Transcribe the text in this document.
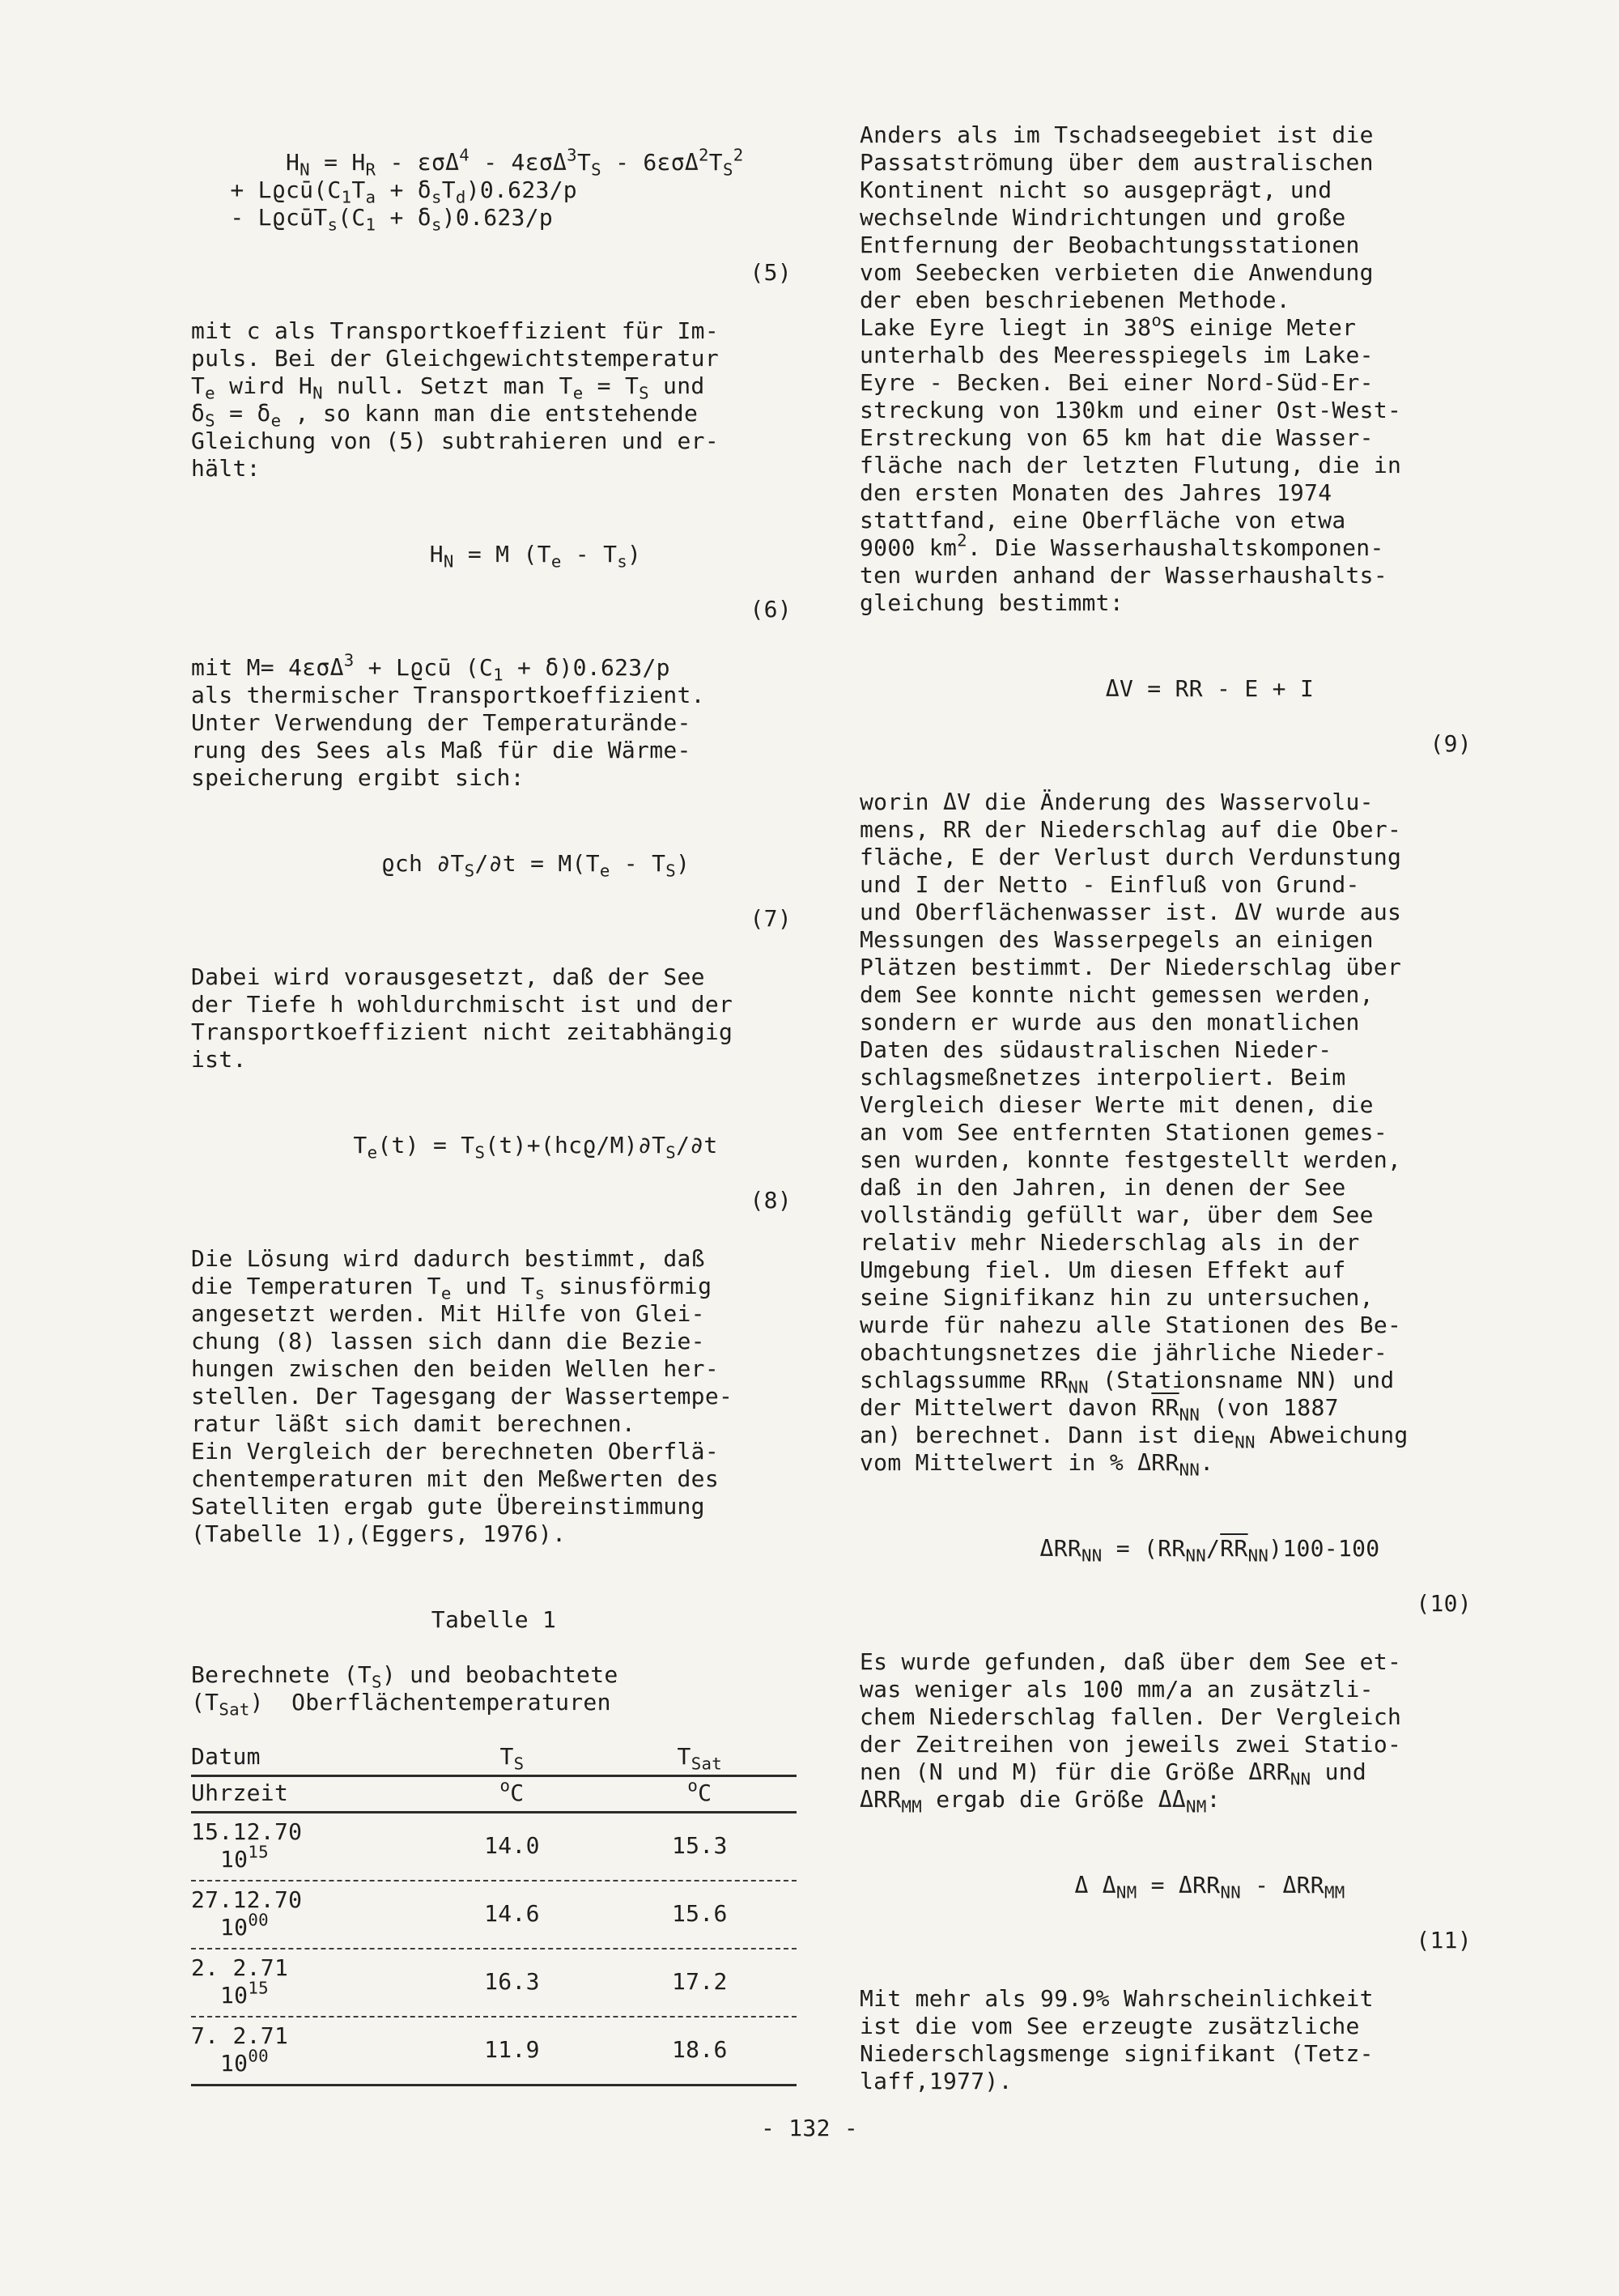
$H_N = H_R - \varepsilon\sigma\Delta^4 - 4\varepsilon\sigma\Delta^3T_S - 6\varepsilon\sigma\Delta^2T_S^2$
+ $Lϱcū(C_1T_a + \delta_sT_d)0.623/p$
- $LϱcūT_s(C_1 + \delta_s)0.623/p$

(5)

mit c als Transportkoeffizient für Im-
puls. Bei der Gleichgewichtstemperatur
$T_e$ wird $H_N$ null. Setzt man $T_e = T_S$ und
$\delta_S = \delta_e$ , so kann man die entstehende
Gleichung von (5) subtrahieren und er-
hält:

$H_N = M$ $(T_e - T_s)$

(6)

mit M= 4εσΔ$^3$ + Lϱcū $(C_1 + \delta)0.623/p$
als thermischer Transportkoeffizient.
Unter Verwendung der Temperaturände-
rung des Sees als Maß für die Wärme-
speicherung ergibt sich:

ϱch $\partial T_S/\partial t = M(T_e - T_S)$

(7)

Dabei wird vorausgesetzt, daß der See
der Tiefe h wohldurchmischt ist und der
Transportkoeffizient nicht zeitabhängig
ist.

$T_e(t) = T_S(t)+(hcϱ/M)\partial T_S/\partial t$

(8)

Die Lösung wird dadurch bestimmt, daß
die Temperaturen $T_e$ und $T_s$ sinusförmig
angesetzt werden. Mit Hilfe von Glei-
chung (8) lassen sich dann die Bezie-
hungen zwischen den beiden Wellen her-
stellen. Der Tagesgang der Wassertempe-
ratur läßt sich damit berechnen.
Ein Vergleich der berechneten Oberflä-
chentemperaturen mit den Meßwerten des
Satelliten ergab gute Übereinstimmung
(Tabelle 1),(Eggers, 1976).

Tabelle 1
Berechnete $(T_S)$ und beobachtete
$(T_{Sat})$  Oberflächentemperaturen
Datum	$T_S$	$T_{Sat}$
Uhrzeit	$^o$C	$^o$C
15.12.70
$10^{15}$	14.0	15.3
27.12.70
$10^{00}$	14.6	15.6
2. 2.71
$10^{15}$	16.3	17.2
7. 2.71
$10^{00}$	11.9	18.6

Anders als im Tschadseegebiet ist die
Passatströmung über dem australischen
Kontinent nicht so ausgeprägt, und
wechselnde Windrichtungen und große
Entfernung der Beobachtungsstationen
vom Seebecken verbieten die Anwendung
der eben beschriebenen Methode.
Lake Eyre liegt in 38$^o$S einige Meter
unterhalb des Meeresspiegels im Lake-
Eyre - Becken. Bei einer Nord-Süd-Er-
streckung von 130km und einer Ost-West-
Erstreckung von 65 km hat die Wasser-
fläche nach der letzten Flutung, die in
den ersten Monaten des Jahres 1974
stattfand, eine Oberfläche von etwa
9000 $km^2$. Die Wasserhaushaltskomponen-
ten wurden anhand der Wasserhaushalts-
gleichung bestimmt:

ΔV = RR - E + I

(9)

worin ΔV die Änderung des Wasservolu-
mens, RR der Niederschlag auf die Ober-
fläche, E der Verlust durch Verdunstung
und I der Netto - Einfluß von Grund-
und Oberflächenwasser ist. ΔV wurde aus
Messungen des Wasserpegels an einigen
Plätzen bestimmt. Der Niederschlag über
dem See konnte nicht gemessen werden,
sondern er wurde aus den monatlichen
Daten des südaustralischen Nieder-
schlagsmeßnetzes interpoliert. Beim
Vergleich dieser Werte mit denen, die
an vom See entfernten Stationen gemes-
sen wurden, konnte festgestellt werden,
daß in den Jahren, in denen der See
vollständig gefüllt war, über dem See
relativ mehr Niederschlag als in der
Umgebung fiel. Um diesen Effekt auf
seine Signifikanz hin zu untersuchen,
wurde für nahezu alle Stationen des Be-
obachtungsnetzes die jährliche Nieder-
schlagssumme $RR_{NN}$ (Stationsname NN) und
der Mittelwert davon $\overline{RR}_{NN}$ (von 1887
an) berechnet. Dann ist die$_{NN}$ Abweichung
vom Mittelwert in % $\Delta RR_{NN}$.

$\Delta RR_{NN} = (RR_{NN}/\overline{RR}_{NN})100-100$

(10)

Es wurde gefunden, daß über dem See et-
was weniger als 100 mm/a an zusätzli-
chem Niederschlag fallen. Der Vergleich
der Zeitreihen von jeweils zwei Statio-
nen (N und M) für die Größe $\Delta RR_{NN}$ und
$\Delta RR_{MM}$ ergab die Größe $\Delta\Delta_{NM}$:

Δ $\Delta_{NM} = \Delta RR_{NN} - \Delta RR_{MM}$

(11)

Mit mehr als 99.9% Wahrscheinlichkeit
ist die vom See erzeugte zusätzliche
Niederschlagsmenge signifikant (Tetz-
laff,1977).

- 132 -
